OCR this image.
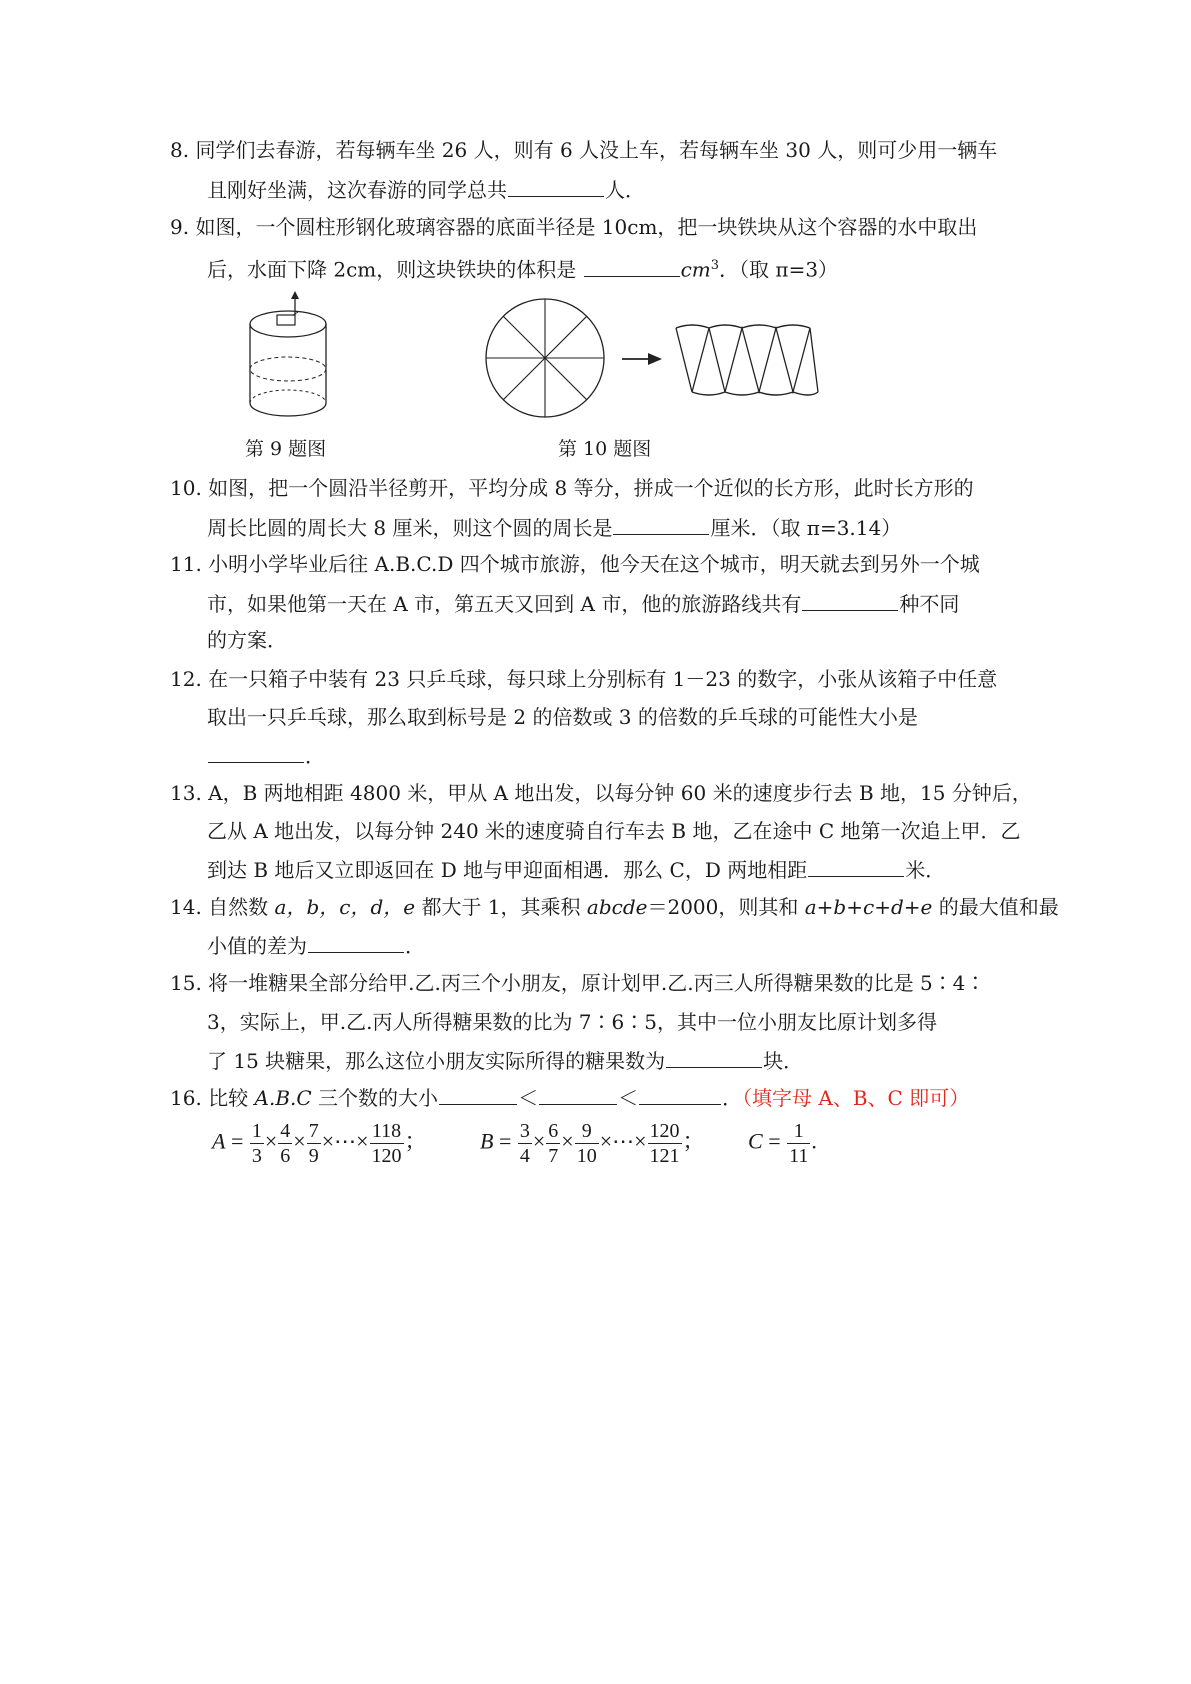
8. 同学们去春游，若每辆车坐 26 人，则有 6 人没上车，若每辆车坐 30 人，则可少用一辆车
且刚好坐满，这次春游的同学总共	人．
9. 如图，一个圆柱形钢化玻璃容器的底面半径是 10cm，把一块铁块从这个容器的水中取出
后，水面下降 2cm，则这块铁块的体积是	$cm^3$．（取 π=3）
第 9 题图	第 10 题图
10. 如图，把一个圆沿半径剪开，平均分成 8 等分，拼成一个近似的长方形，此时长方形的
周长比圆的周长大 8 厘米，则这个圆的周长是	厘米．（取 π=3.14）
11. 小明小学毕业后往 A.B.C.D 四个城市旅游，他今天在这个城市，明天就去到另外一个城
市，如果他第一天在 A 市，第五天又回到 A 市，他的旅游路线共有	种不同
的方案．
12. 在一只箱子中装有 23 只乒乓球，每只球上分别标有 1－23 的数字，小张从该箱子中任意
取出一只乒乓球，那么取到标号是 2 的倍数或 3 的倍数的乒乓球的可能性大小是
．
13. A，B 两地相距 4800 米，甲从 A 地出发，以每分钟 60 米的速度步行去 B 地，15 分钟后，
乙从 A 地出发，以每分钟 240 米的速度骑自行车去 B 地，乙在途中 C 地第一次追上甲．乙
到达 B 地后又立即返回在 D 地与甲迎面相遇．那么 C，D 两地相距	米．
14. 自然数 a，b，c，d，e 都大于 1，其乘积 abcde＝2000，则其和 a+b+c+d+e 的最大值和最
小值的差为	．
15. 将一堆糖果全部分给甲.乙.丙三个小朋友，原计划甲.乙.丙三人所得糖果数的比是 5∶4∶
3，实际上，甲.乙.丙人所得糖果数的比为 7∶6∶5，其中一位小朋友比原计划多得
了 15 块糖果，那么这位小朋友实际所得的糖果数为	块．
16. 比较 A.B.C 三个数的大小	＜	＜	．（填字母 A、B、C 即可）
$A = \frac{1}{3} \times \frac{4}{6} \times \frac{7}{9}$ ×⋯× $\frac{118}{120}$ ； $B = \frac{3}{4} \times \frac{6}{7} \times \frac{9}{10}$ ×⋯× $\frac{120}{121}$ ； $C = \frac{1}{11}$ .
